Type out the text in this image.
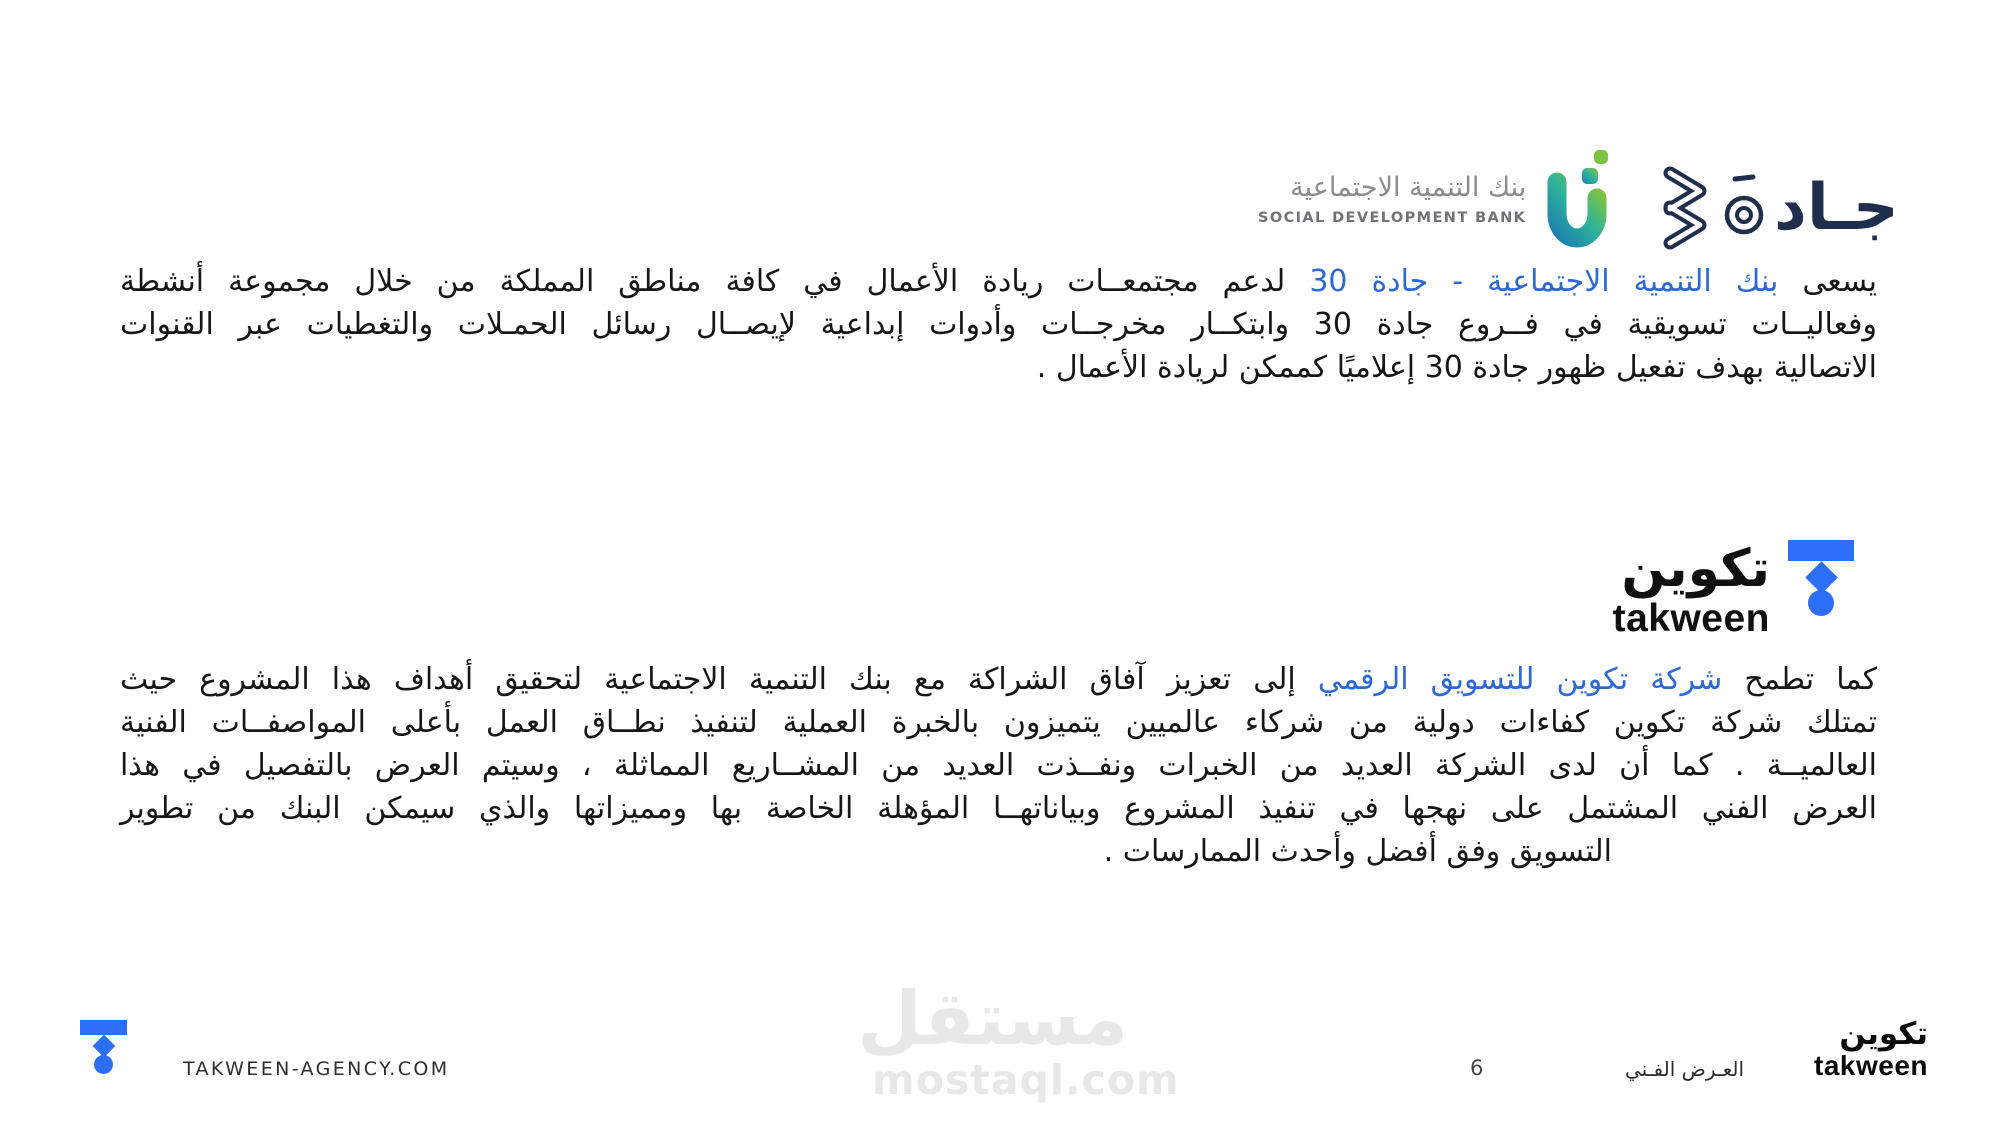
جـاد
بنك التنمية الاجتماعية
SOCIAL DEVELOPMENT BANK
يسعى بنك التنمية الاجتماعية - جادة 30 لدعم مجتمعــات ريادة الأعمال في كافة مناطق المملكة من خلال مجموعة أنشطة
وفعاليــات تسويقية في فــروع جادة 30 وابتكــار مخرجــات وأدوات إبداعية لإيصــال رسائل الحمـلات والتغطيات عبر القنوات
الاتصالية بهدف تفعيل ظهور جادة 30 إعلاميًا كممكن لريادة الأعمال .
تكوين
takween
كما تطمح شركة تكوين للتسويق الرقمي إلى تعزيز آفاق الشراكة مع بنك التنمية الاجتماعية لتحقيق أهداف هذا المشروع حيث
تمتلك شركة تكوين كفاءات دولية من شركاء عالميين يتميزون بالخبرة العملية لتنفيذ نطــاق العمل بأعلى المواصفــات الفنية
العالميــة . كما أن لدى الشركة العديد من الخبرات ونفــذت العديد من المشــاريع المماثلة ، وسيتم العرض بالتفصيل في هذا
العرض الفني المشتمل على نهجها في تنفيذ المشروع وبياناتهــا المؤهلة الخاصة بها ومميزاتها والذي سيمكن البنك من تطوير
التسويق وفق أفضل وأحدث الممارسات .
مستقل
mostaql.com
TAKWEEN-AGENCY.COM	6	العـرض الفـني
تكوين
takween
